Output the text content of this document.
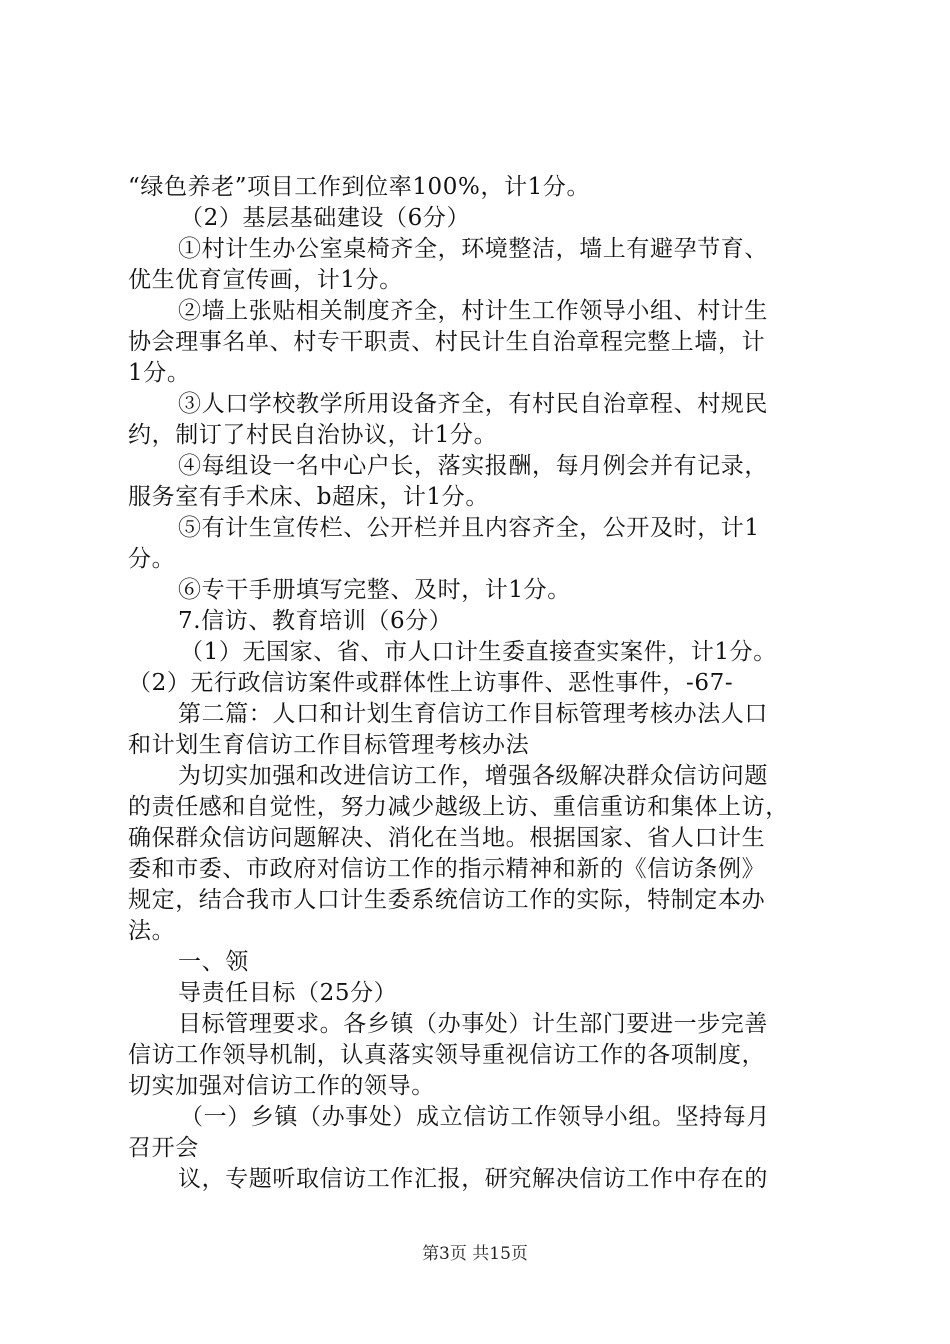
“绿色养老”项目工作到位率100%，计1分。
（2）基层基础建设（6分）
①村计生办公室桌椅齐全，环境整洁，墙上有避孕节育、
优生优育宣传画，计1分。
②墙上张贴相关制度齐全，村计生工作领导小组、村计生
协会理事名单、村专干职责、村民计生自治章程完整上墙，计
1分。
③人口学校教学所用设备齐全，有村民自治章程、村规民
约，制订了村民自治协议，计1分。
④每组设一名中心户长，落实报酬，每月例会并有记录，
服务室有手术床、b超床，计1分。
⑤有计生宣传栏、公开栏并且内容齐全，公开及时，计1
分。
⑥专干手册填写完整、及时，计1分。
7.信访、教育培训（6分）
（1）无国家、省、市人口计生委直接查实案件，计1分。
（2）无行政信访案件或群体性上访事件、恶性事件，-67-
第二篇：人口和计划生育信访工作目标管理考核办法人口
和计划生育信访工作目标管理考核办法
为切实加强和改进信访工作，增强各级解决群众信访问题
的责任感和自觉性，努力减少越级上访、重信重访和集体上访，
确保群众信访问题解决、消化在当地。根据国家、省人口计生
委和市委、市政府对信访工作的指示精神和新的《信访条例》
规定，结合我市人口计生委系统信访工作的实际，特制定本办
法。
一、领
导责任目标（25分）
目标管理要求。各乡镇（办事处）计生部门要进一步完善
信访工作领导机制，认真落实领导重视信访工作的各项制度，
切实加强对信访工作的领导。
（一）乡镇（办事处）成立信访工作领导小组。坚持每月
召开会
议，专题听取信访工作汇报，研究解决信访工作中存在的
第3页 共15页
